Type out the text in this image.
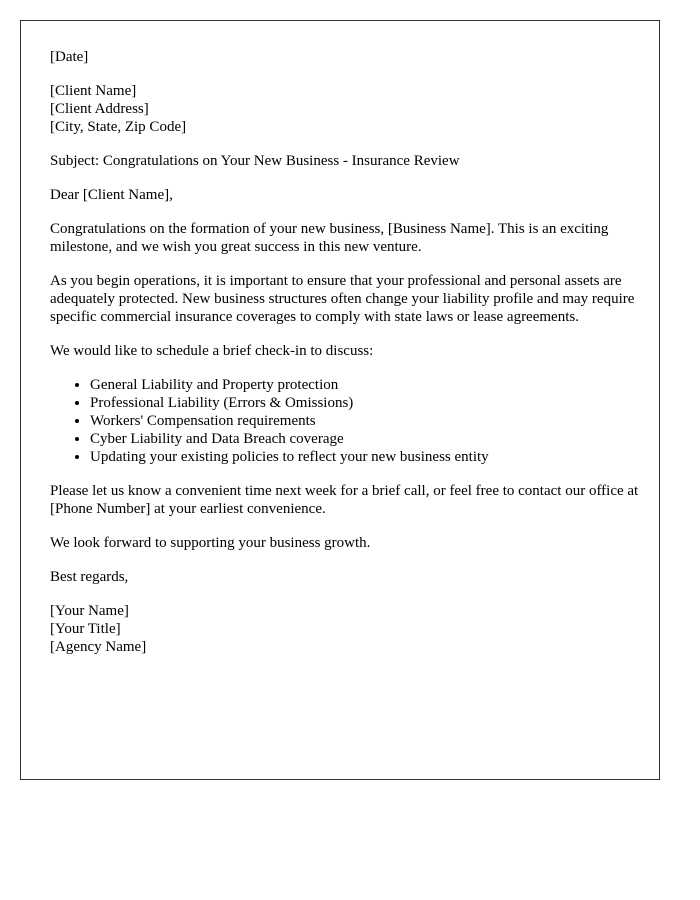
[Date]

[Client Name]
[Client Address]
[City, State, Zip Code]

Subject: Congratulations on Your New Business - Insurance Review

Dear [Client Name],

Congratulations on the formation of your new business, [Business Name]. This is an exciting milestone, and we wish you great success in this new venture.

As you begin operations, it is important to ensure that your professional and personal assets are adequately protected. New business structures often change your liability profile and may require specific commercial insurance coverages to comply with state laws or lease agreements.

We would like to schedule a brief check-in to discuss:

• General Liability and Property protection
• Professional Liability (Errors & Omissions)
• Workers' Compensation requirements
• Cyber Liability and Data Breach coverage
• Updating your existing policies to reflect your new business entity

Please let us know a convenient time next week for a brief call, or feel free to contact our office at [Phone Number] at your earliest convenience.

We look forward to supporting your business growth.

Best regards,

[Your Name]
[Your Title]
[Agency Name]
